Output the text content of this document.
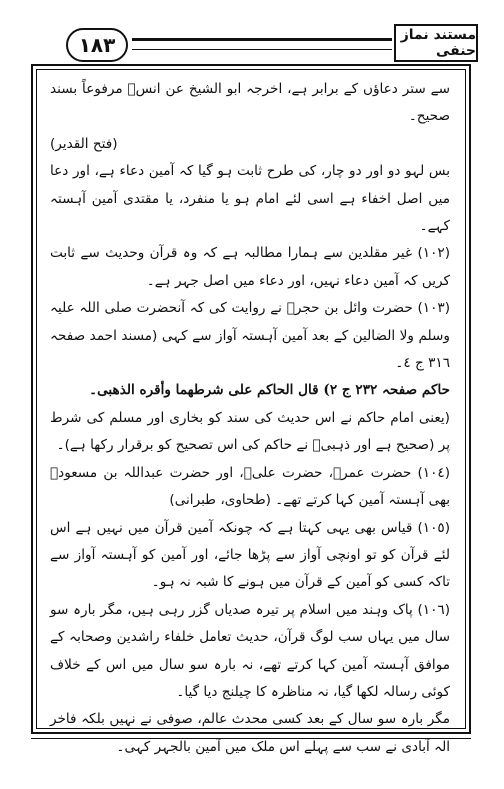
١٨٣	مستند نماز حنفی

سے ستر دعاؤں کے برابر ہے، اخرجہ ابو الشیخ عن انسؓ مرفوعاً بسند صحیح۔

(فتح القدیر)

بس لہو دو اور دو چار، کی طرح ثابت ہو گیا کہ آمین دعاء ہے، اور دعا میں اصل اخفاء ہے اسی لئے امام ہو یا منفرد، یا مقتدی آمین آہستہ کہے۔

(١٠٢) غیر مقلدین سے ہمارا مطالبہ ہے کہ وہ قرآن وحدیث سے ثابت کریں کہ آمین دعاء نہیں، اور دعاء میں اصل جہر ہے۔

(١٠٣) حضرت وائل بن حجرؓ نے روایت کی کہ آنحضرت صلی اللہ علیہ وسلم ولا الضالین کے بعد آمین آہستہ آواز سے کہی (مسند احمد صفحہ ٣١٦ ج ٤۔

حاکم صفحہ ٢٣٢ ج ٢) قال الحاکم علی شرطهما وأقره الذهبی۔

(یعنی امام حاکم نے اس حدیث کی سند کو بخاری اور مسلم کی شرط پر (صحیح ہے اور ذہبیؒ نے حاکم کی اس تصحیح کو برقرار رکھا ہے)۔

(١٠٤) حضرت عمرؓ، حضرت علیؓ، اور حضرت عبداللہ بن مسعودؓ بھی آہستہ آمین کہا کرتے تھے۔ (طحاوی، طبرانی)

(١٠٥) قیاس بھی یہی کہتا ہے کہ چونکہ آمین قرآن میں نہیں ہے اس لئے قرآن کو تو اونچی آواز سے پڑھا جائے، اور آمین کو آہستہ آواز سے تاکہ کسی کو آمین کے قرآن میں ہونے کا شبہ نہ ہو۔

(١٠٦) پاک وہند میں اسلام پر تیرہ صدیاں گزر رہی ہیں، مگر بارہ سو سال میں یہاں سب لوگ قرآن، حدیث تعامل خلفاء راشدین وصحابہ کے موافق آہستہ آمین کہا کرتے تھے، نہ بارہ سو سال میں اس کے خلاف کوئی رسالہ لکھا گیا، نہ مناظرہ کا چیلنج دیا گیا۔

مگر بارہ سو سال کے بعد کسی محدث عالم، صوفی نے نہیں بلکہ فاخر الہ آبادی نے سب سے پہلے اس ملک میں آمین بالجہر کہی۔
